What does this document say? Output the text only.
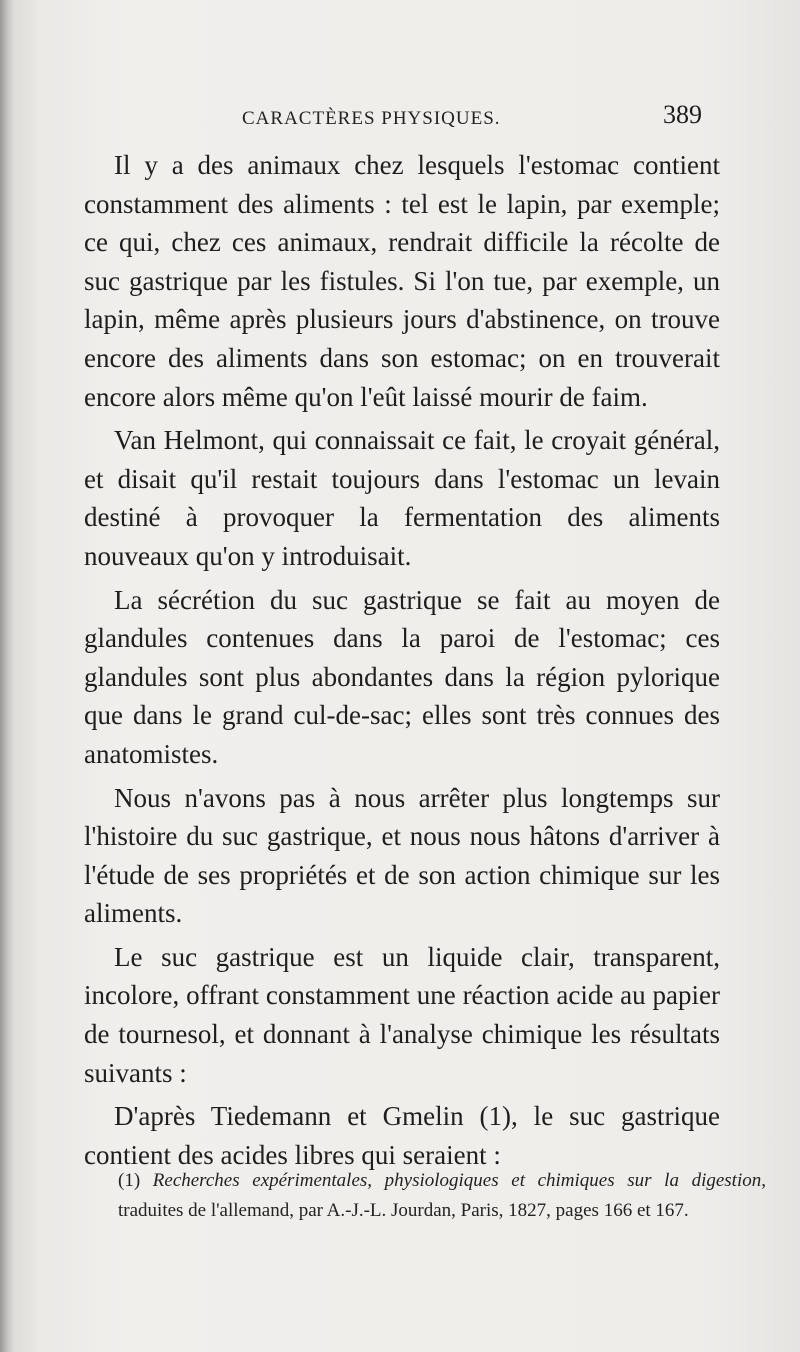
CARACTÈRES PHYSIQUES.	389

Il y a des animaux chez lesquels l'estomac contient constamment des aliments : tel est le lapin, par exemple; ce qui, chez ces animaux, rendrait difficile la récolte de suc gastrique par les fistules. Si l'on tue, par exemple, un lapin, même après plusieurs jours d'abstinence, on trouve encore des aliments dans son estomac; on en trouverait encore alors même qu'on l'eût laissé mourir de faim.

Van Helmont, qui connaissait ce fait, le croyait général, et disait qu'il restait toujours dans l'estomac un levain destiné à provoquer la fermentation des aliments nouveaux qu'on y introduisait.

La sécrétion du suc gastrique se fait au moyen de glandules contenues dans la paroi de l'estomac; ces glandules sont plus abondantes dans la région pylorique que dans le grand cul-de-sac; elles sont très connues des anatomistes.

Nous n'avons pas à nous arrêter plus longtemps sur l'histoire du suc gastrique, et nous nous hâtons d'arriver à l'étude de ses propriétés et de son action chimique sur les aliments.

Le suc gastrique est un liquide clair, transparent, incolore, offrant constamment une réaction acide au papier de tournesol, et donnant à l'analyse chimique les résultats suivants :

D'après Tiedemann et Gmelin (1), le suc gastrique contient des acides libres qui seraient :

(1) Recherches expérimentales, physiologiques et chimiques sur la digestion, traduites de l'allemand, par A.-J.-L. Jourdan, Paris, 1827, pages 166 et 167.
